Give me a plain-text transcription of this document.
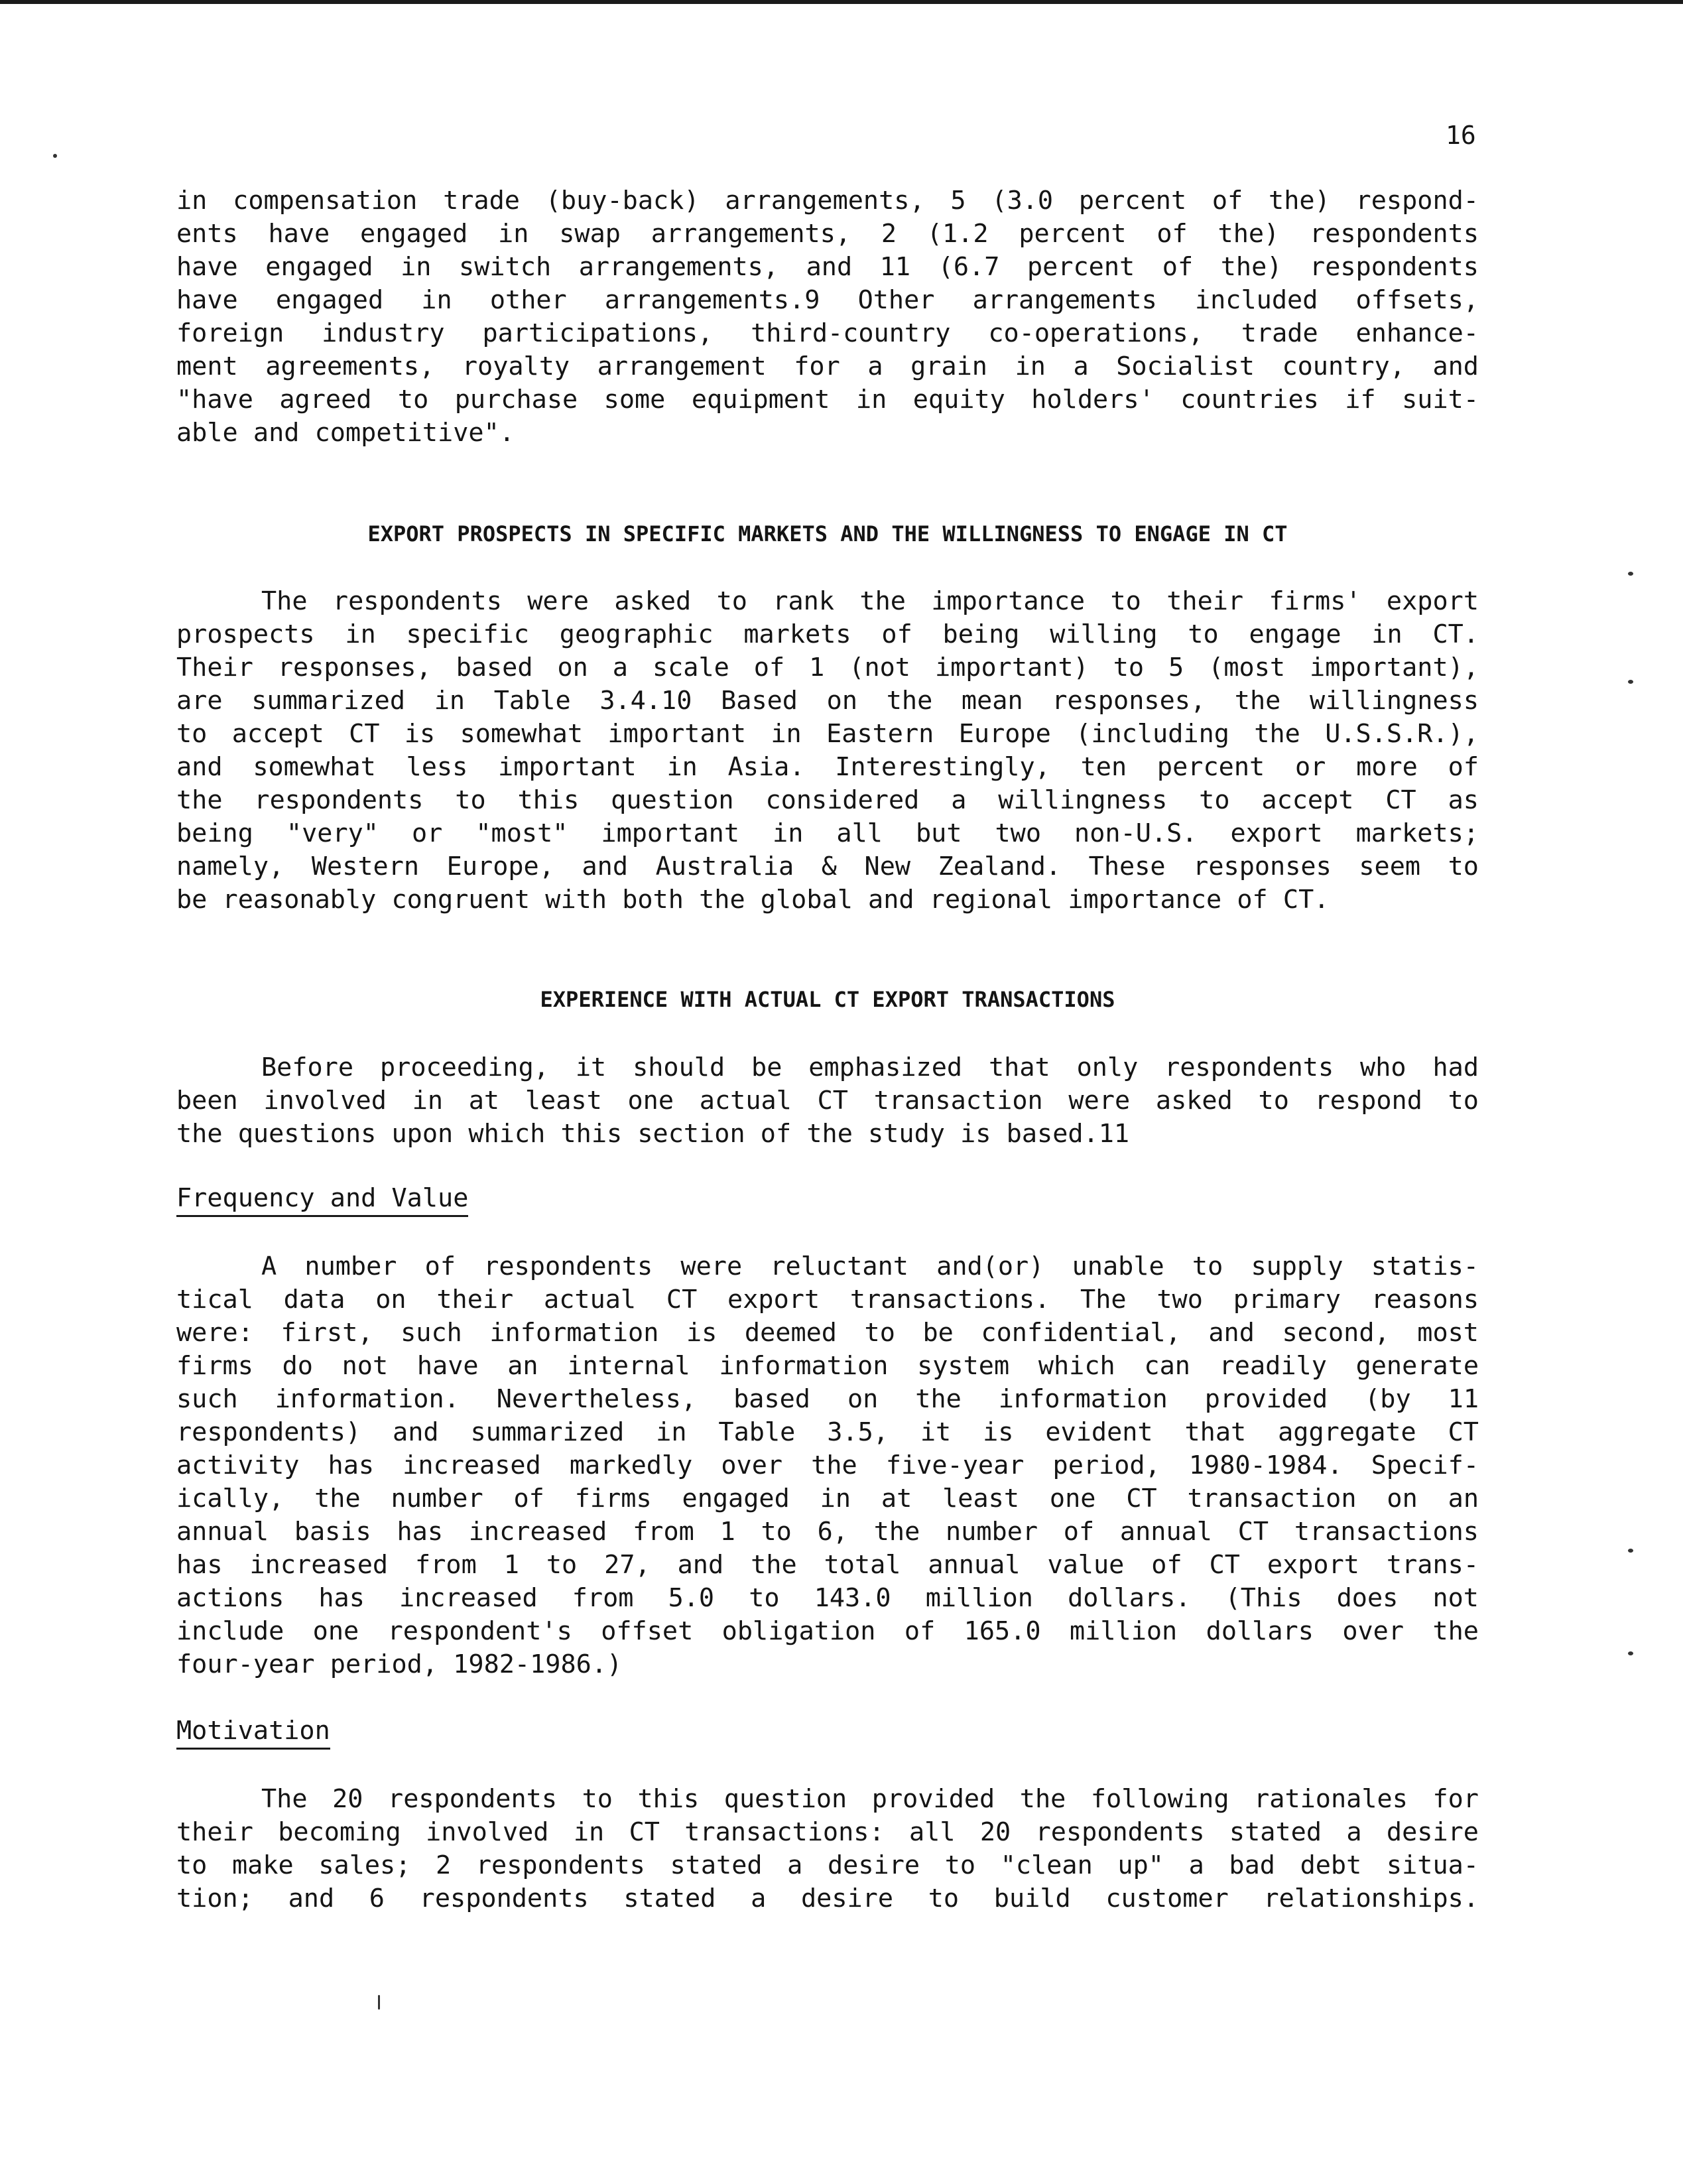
16
in compensation trade (buy-back) arrangements, 5 (3.0 percent of the) respond-
ents have engaged in swap arrangements, 2 (1.2 percent of the) respondents
have engaged in switch arrangements, and 11 (6.7 percent of the) respondents
have engaged in other arrangements.9 Other arrangements included offsets,
foreign industry participations, third-country co-operations, trade enhance-
ment agreements, royalty arrangement for a grain in a Socialist country, and
"have agreed to purchase some equipment in equity holders' countries if suit-
able and competitive".
EXPORT PROSPECTS IN SPECIFIC MARKETS AND THE WILLINGNESS TO ENGAGE IN CT
The respondents were asked to rank the importance to their firms' export
prospects in specific geographic markets of being willing to engage in CT.
Their responses, based on a scale of 1 (not important) to 5 (most important),
are summarized in Table 3.4.10 Based on the mean responses, the willingness
to accept CT is somewhat important in Eastern Europe (including the U.S.S.R.),
and somewhat less important in Asia. Interestingly, ten percent or more of
the respondents to this question considered a willingness to accept CT as
being "very" or "most" important in all but two non-U.S. export markets;
namely, Western Europe, and Australia & New Zealand. These responses seem to
be reasonably congruent with both the global and regional importance of CT.
EXPERIENCE WITH ACTUAL CT EXPORT TRANSACTIONS
Before proceeding, it should be emphasized that only respondents who had
been involved in at least one actual CT transaction were asked to respond to
the questions upon which this section of the study is based.11
Frequency and Value
A number of respondents were reluctant and(or) unable to supply statis-
tical data on their actual CT export transactions. The two primary reasons
were: first, such information is deemed to be confidential, and second, most
firms do not have an internal information system which can readily generate
such information. Nevertheless, based on the information provided (by 11
respondents) and summarized in Table 3.5, it is evident that aggregate CT
activity has increased markedly over the five-year period, 1980-1984. Specif-
ically, the number of firms engaged in at least one CT transaction on an
annual basis has increased from 1 to 6, the number of annual CT transactions
has increased from 1 to 27, and the total annual value of CT export trans-
actions has increased from 5.0 to 143.0 million dollars. (This does not
include one respondent's offset obligation of 165.0 million dollars over the
four-year period, 1982-1986.)
Motivation
The 20 respondents to this question provided the following rationales for
their becoming involved in CT transactions: all 20 respondents stated a desire
to make sales; 2 respondents stated a desire to "clean up" a bad debt situa-
tion; and 6 respondents stated a desire to build customer relationships.
